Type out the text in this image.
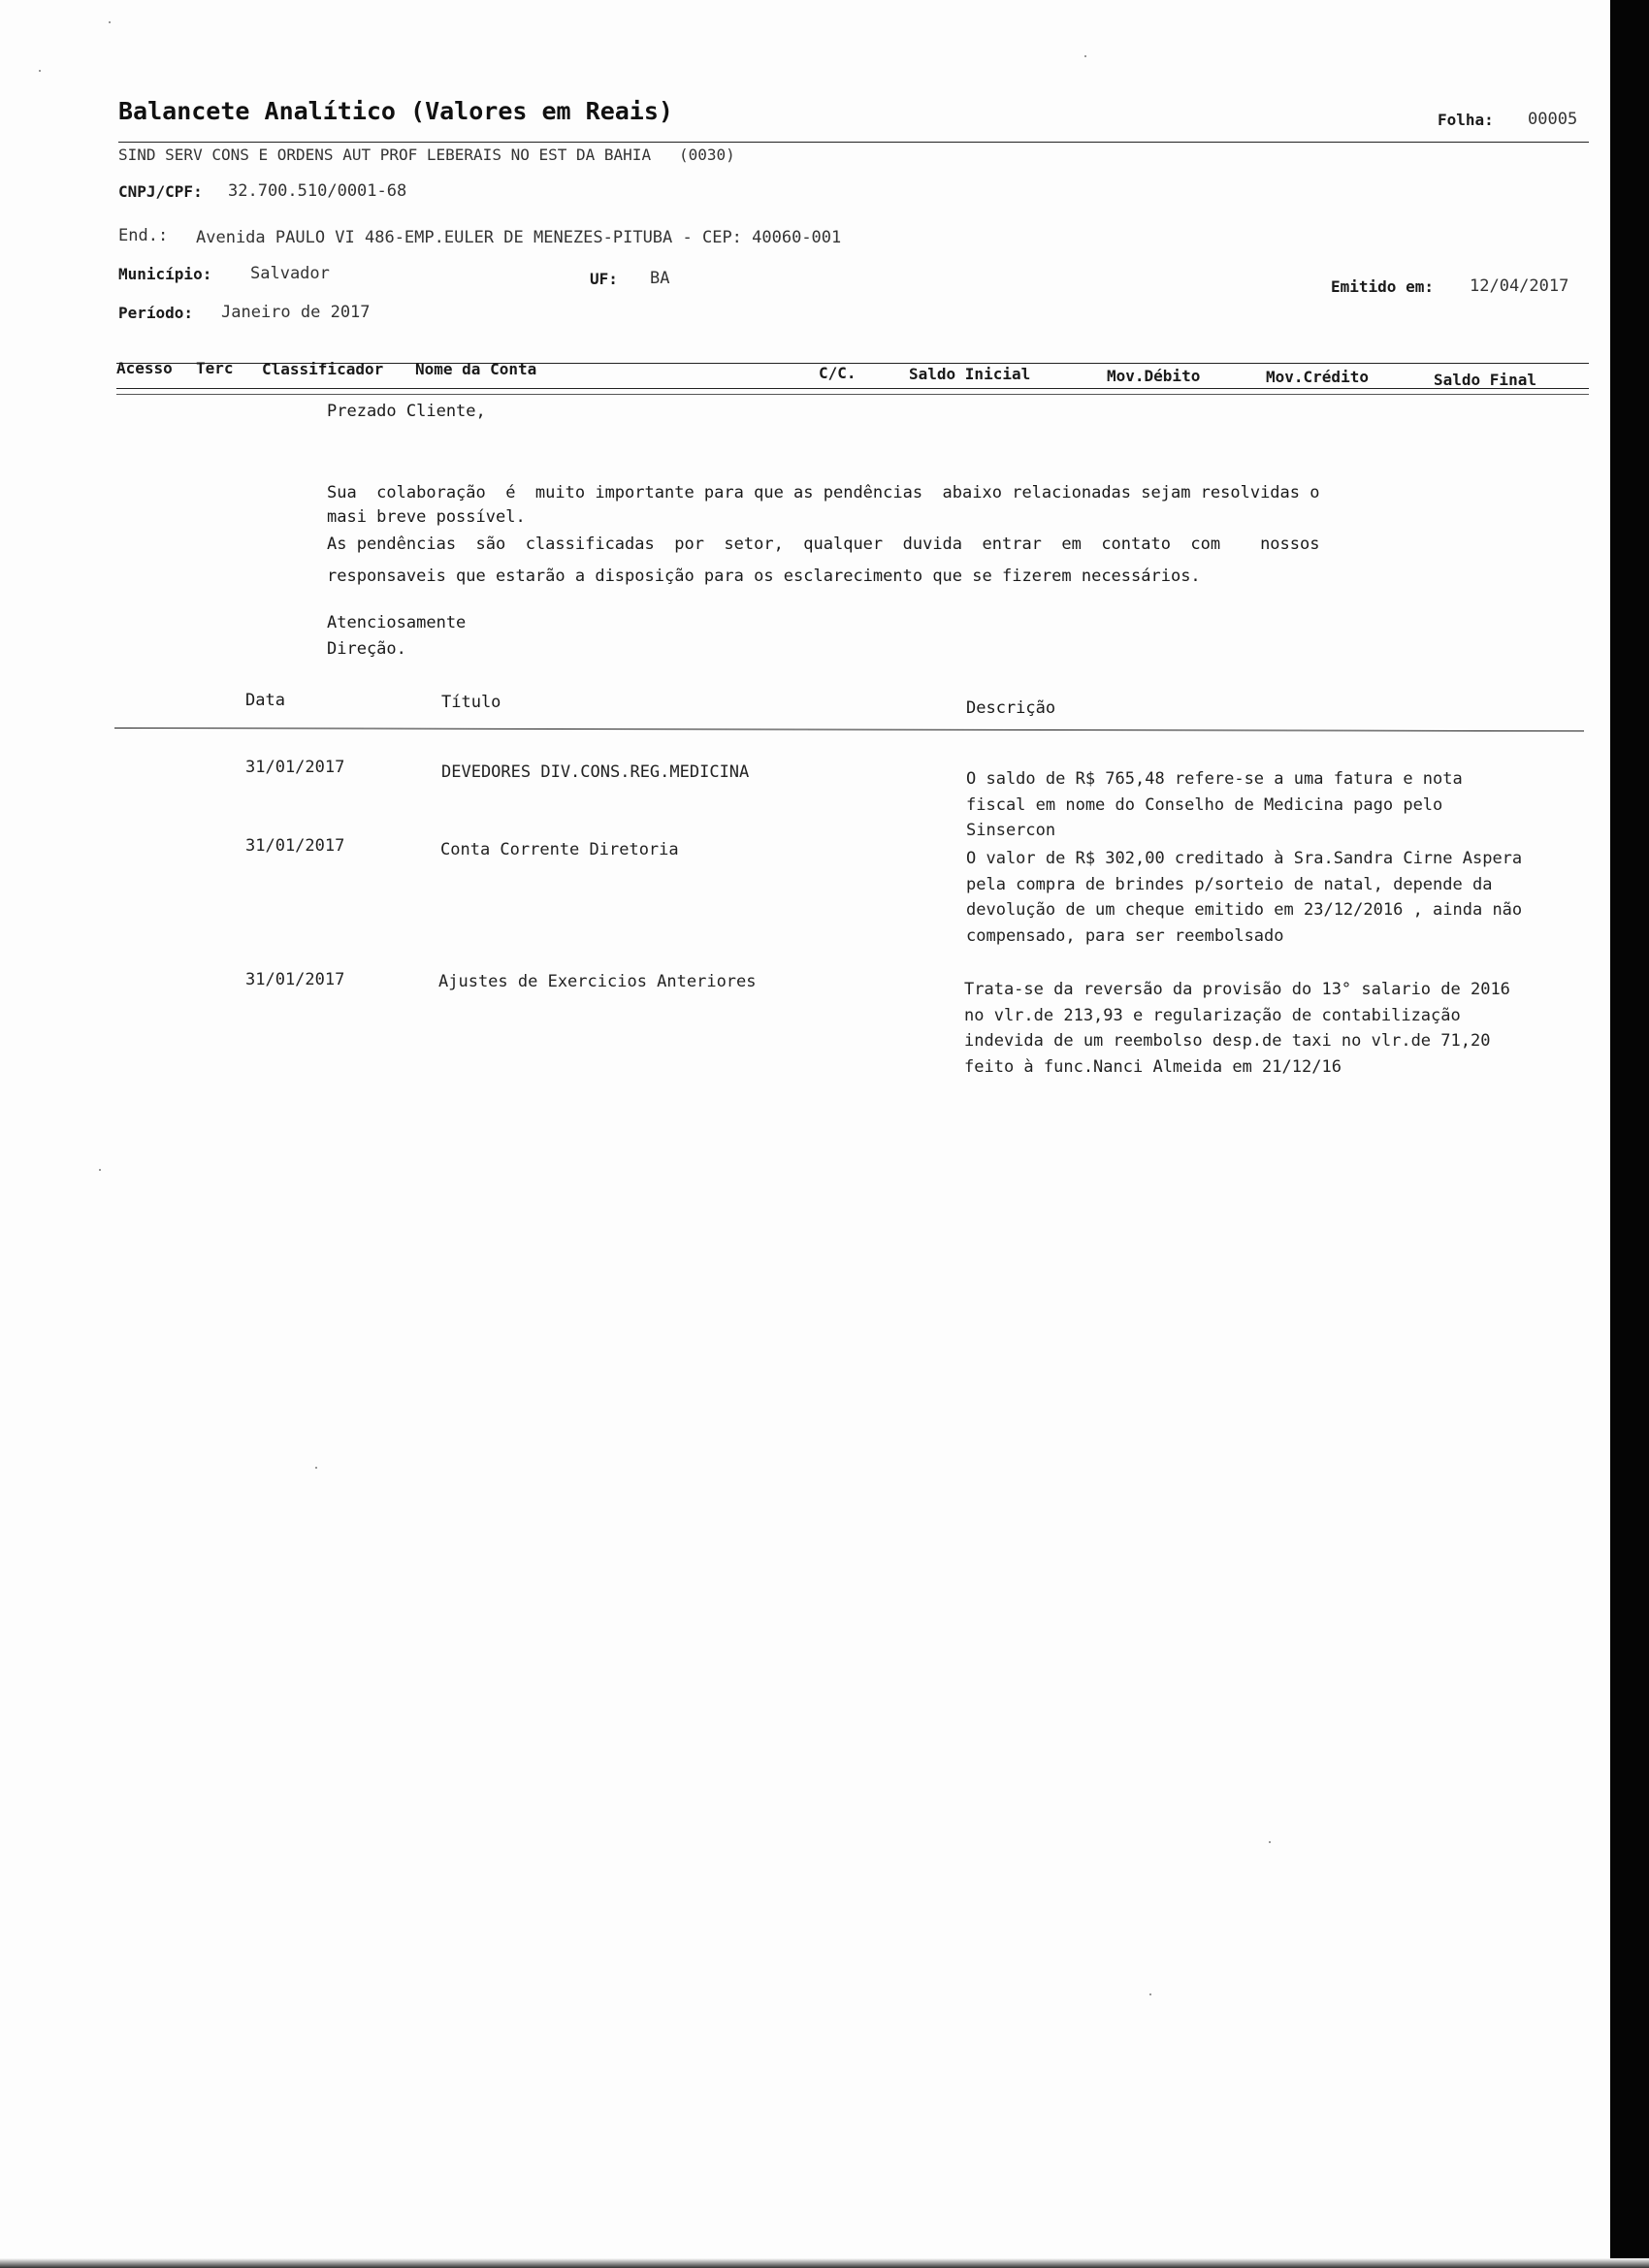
Balancete Analítico (Valores em Reais)	Folha: 00005
SIND SERV CONS E ORDENS AUT PROF LEBERAIS NO EST DA BAHIA   (0030)
CNPJ/CPF: 32.700.510/0001-68
End.: Avenida PAULO VI 486-EMP.EULER DE MENEZES-PITUBA - CEP: 40060-001
Município: Salvador	UF: BA	Emitido em: 12/04/2017
Período: Janeiro de 2017
Acesso Terc Classificador Nome da Conta	C/C.	Saldo Inicial	Mov.Débito	Mov.Crédito	Saldo Final
Prezado Cliente,
Sua  colaboração  é  muito importante para que as pendências  abaixo relacionadas sejam resolvidas o
masi breve possível.
As pendências  são  classificadas  por  setor,  qualquer  duvida  entrar  em  contato  com    nossos
responsaveis que estarão a disposição para os esclarecimento que se fizerem necessários.
Atenciosamente
Direção.
Data	Título	Descrição
31/01/2017	DEVEDORES DIV.CONS.REG.MEDICINA	O saldo de R$ 765,48 refere-se a uma fatura e nota fiscal em nome do Conselho de Medicina pago pelo Sinsercon
31/01/2017	Conta Corrente Diretoria	O valor de R$ 302,00 creditado à Sra.Sandra Cirne Aspera pela compra de brindes p/sorteio de natal, depende da devolução de um cheque emitido em 23/12/2016 , ainda não compensado, para ser reembolsado
31/01/2017	Ajustes de Exercicios Anteriores	Trata-se da reversão da provisão do 13° salario de 2016 no vlr.de 213,93 e regularização de contabilização indevida de um reembolso desp.de taxi no vlr.de 71,20 feito à func.Nanci Almeida em 21/12/16
